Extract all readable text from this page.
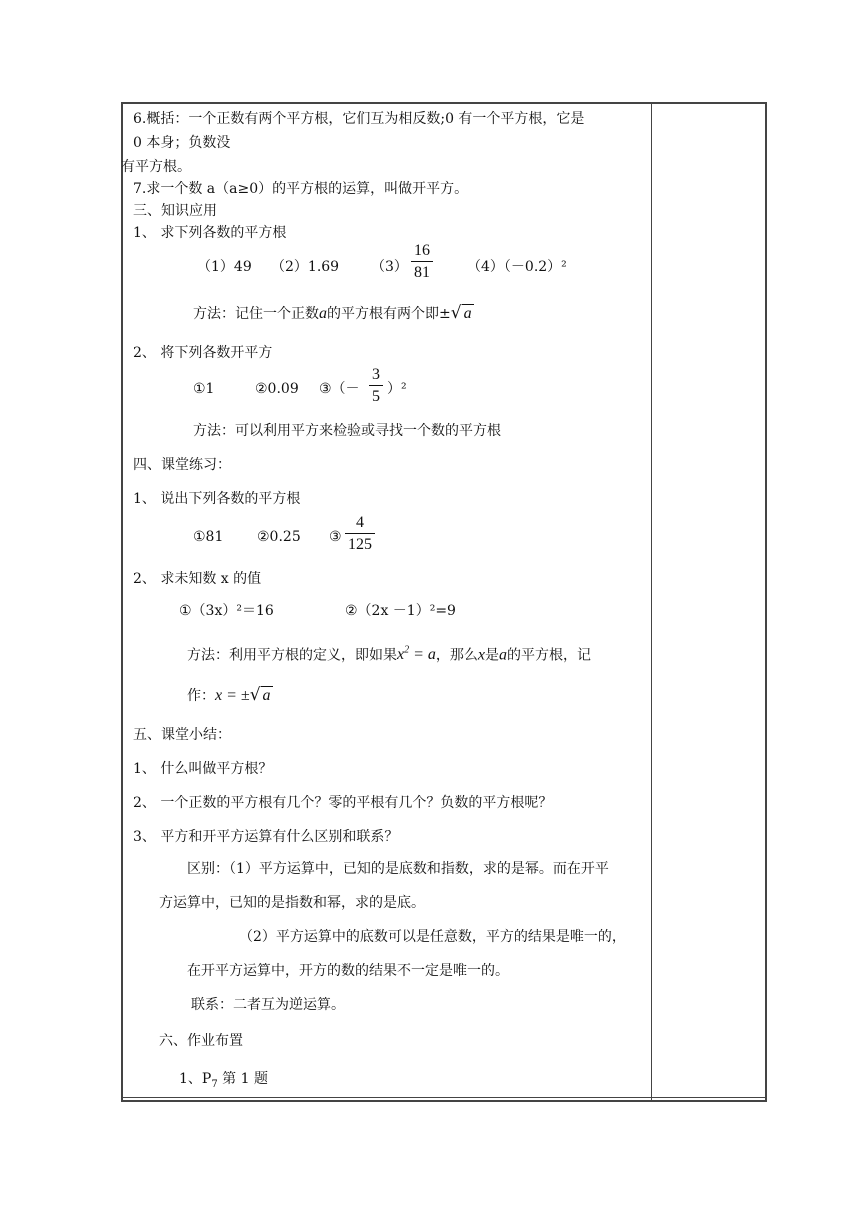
6.概括：一个正数有两个平方根，它们互为相反数;0 有一个平方根，它是
0 本身；负数没
有平方根。
7.求一个数 a（a≥0）的平方根的运算，叫做开平方。
三、知识应用
1、 求下列各数的平方根
（1）49 （2）1.69 （3）
16
81	（4）（－0.2）²
方法：记住一个正数a的平方根有两个即±√ a
2、 将下列各数开平方
①1	②0.09 ③（－
3
5 ）²
方法：可以利用平方来检验或寻找一个数的平方根
四、课堂练习：
1、 说出下列各数的平方根
①81 ②0.25 ③
4
125
2、 求未知数 x 的值
①（3x）²＝16	②（2x －1）²=9
方法：利用平方根的定义，即如果$x^2 = a$，那么x是a的平方根，记
作：x = ±√ a
五、课堂小结：
1、 什么叫做平方根？
2、 一个正数的平方根有几个？零的平根有几个？负数的平方根呢？
3、 平方和开平方运算有什么区别和联系？
区别：（1）平方运算中，已知的是底数和指数，求的是幂。而在开平
方运算中，已知的是指数和幂，求的是底。
（2）平方运算中的底数可以是任意数，平方的结果是唯一的，
在开平方运算中，开方的数的结果不一定是唯一的。
联系：二者互为逆运算。
六、作业布置
1、$P_7$ 第 1 题
